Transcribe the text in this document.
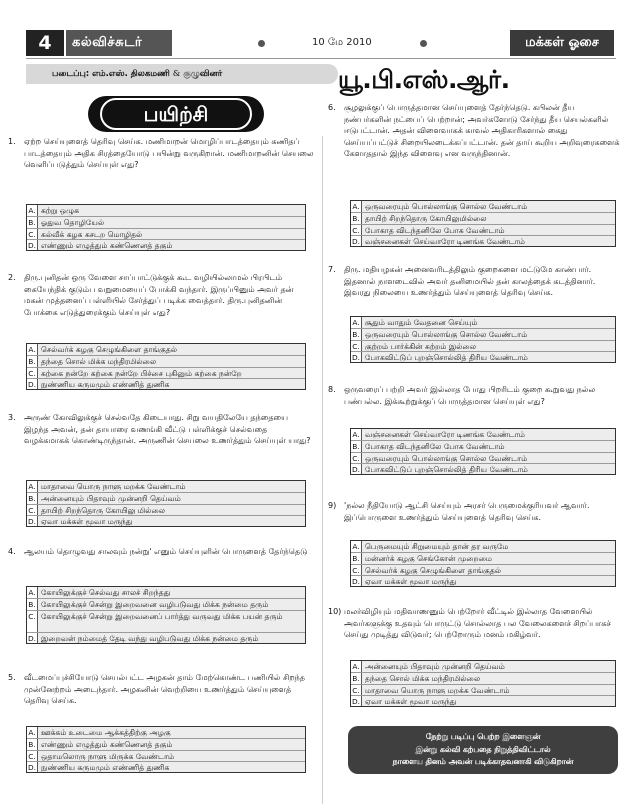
4	கல்விச்சுடர்	10 மே 2010	மக்கள் ஓசை
படைப்பு: எம்.எஸ். திலகமணி & குழுவினர்	யூ.பி.எஸ்.ஆர்.
பயிற்சி
1.	ஏற்ற செய்யுளைத் தெரிவு செய்க. மணிமாறன் மொழிப்பாடத்தையும் கணிதப் பாடத்தையும் அதிக சிரத்தையோடு பயின்று வருகிறான். மணிமாறனின் செயலை வெளிப்படுத்தும் செய்யுள் எது?
A. கற்று ஒழுக
B. ஓதுவ தொழியேல்
C. கல்வீக் கழக கசடற மொழிதல்
D. எண்ணும் எழுத்தும் கண்ணெனத் தகும்
2.	திரு.புனிதன் ஒரு வேளை சாப்பாட்டுக்குக் கூட வழியில்லாமல் பிரபிடம் கையேந்திக் குடும்ப வறுமையைப் போக்கி வந்தார். இருப்பினும் அவர் தன் மகன் முத்தனைப் பள்ளியில் சேர்த்துப் படிக்க வைத்தார். திரு.புனிதனின் போக்கை எடுத்துரைக்கும் செய்யுள் எது?
A. செல்வர்க் கழகு செழுங்கிளை தாங்குதல்
B. தந்தை சொல் மிக்க மந்திரமில்லை
C. கற்கை நன்றே கற்கை நன்றே பிச்சை புகினும் கற்கை நன்றே
D. நுண்ணிய கருமமும் எண்ணித் துணிக
3.	அருண் கோவிலுக்குச் செல்வதே கிடையாது. சிறு வயதிலேயே தந்தையை இழந்த அவன், தன் தாயாரை வணங்கி வீட்டு பள்ளிக்குச் செல்வதை வழக்கமாகக் கொண்டிருந்தான். அருணின் செயலை உணர்த்தும் செய்யுள் யாது?
A. மாதாவை யொரு நாளு மறக்க வேண்டாம்
B. அன்னையும் பிதாவும் முன்னறி தெய்வம்
C. தாயிற் சிறந்தொரு கோயிலு மில்லை
D. ஏவா மக்கள் மூவா மருந்து
4.	ஆலயம் தொழுவது சாலவும் நன்று' எனும் செய்யுளின் பொருளைத் தேர்ந்தெடு
A. கோயிலுக்குச் செல்வது சாலச் சிறந்தது
B. கோயிலுக்குச் சென்று இறைவனை வழிபடுவது மிக்க நன்மை தரும்
C. கோயிலுக்குச் சென்று இறைவனைப் பார்த்து வருவது மிக்க பயன் தரும்
D. இறைவன் நம்மைத் தேடி வந்து வழிபடுவது மிக்க நன்மை தரும்
5.	வீடமைப்புச்சியோடு செயல்பட்ட அழகன் தாம் மேற்கொண்ட பணியில் சிறந்த முன்னேற்றம் அடைந்தார். அழகனின் வெற்றியை உணர்த்தும் செய்யுளைத் தெரிவு செய்க.
A. ஊக்கம் உடைமை ஆக்கத்திற்கு அழகு
B. எண்ணும் எழுத்தும் கண்ணெனத் தகும்
C. ஒதாமலொரு நாளு மிருக்க வேண்டாம்
D. நுண்ணிய கருமமும் எண்ணித் துணிக
6.	சூழலுக்குப் பொருத்தமான செய்யுளைத் தேர்ந்தெடு. கபிலன் தீய நண்பர்களின் நட்பைப் பெற்றான்; அவர்களோடு சேர்ந்து தீய செயல்களில் ஈடுபட்டான். அதன் விளைவாகக் காவல் அதிகாரிகளால் கைது செய்யப்பட்டுச் சிறையிலடைக்கப்பட்டான். தன் தாய் கூறிய அறிவுரைகளைக் கேளாததால் இந்த விளைவு என வருந்தினான்.
A. ஒருவரையும் பொல்லாங்கு சொல்ல வேண்டாம்
B. தாயிற் சிறந்தொரு கோயிலுமில்லை
C. போகாத விடந்தனிலே போக வேண்டாம்
D. வஞ்சனைகள் செய்வாரோ டிணங்க வேண்டாம்
7.	திரு. மதியழகன் அனைவரிடத்திலும் குறைகளை மட்டுமே காண்பார். இதனால் நாளடைவில் அவர் தனிமையில் தன் காலத்தைக் கடத்தினார். இவரது நிலையை உணர்த்தும் செய்யுளைத் தெரிவு செய்க.
A. சூதும் வாதும் வேதனை செய்யும்
B. ஒருவரையும் பொல்லாங்கு சொல்ல வேண்டாம்
C. குற்றம் பார்க்கின் சுற்றம் இல்லை
D. போகவிட்டுப் புறஞ்சொல்லித் திரிய வேண்டாம்
8.	ஒருவரைப் பற்றி அவர் இல்லாத போது பிறரிடம் குறை கூறுவது நல்ல பண்பல்ல. இக்கூற்றுக்குப் பொருத்தமான செய்யுள் எது?
A. வஞ்சனைகள் செய்வாரோ டிணங்க வேண்டாம்
B. போகாத விடந்தனிலே போக வேண்டாம்
C. ஒருவரையும் பொல்லாங்கு சொல்ல வேண்டாம்
D. போகவிட்டுப் புறஞ்சொல்லித் திரிய வேண்டாம்
9) 'நல்ல நீதியோடு ஆட்சி செய்யும் அரசர் பெருமைக்குரியவர் ஆவார். இப்பொருளை உணர்த்தும் செய்யுளைத் தெரிவு செய்க.
A. பெருமையும் சிறுமையும் தான் தர வருமே
B. மன்னர்க் கழகு செங்கோன் முறைமை
C. செல்வர்க் கழகு செழுங்கிளை தாங்குதல்
D. ஏவா மக்கள் மூவா மருந்து
10) மலர்விழியும் மதிவாணனும் பெற்றோர் வீட்டில் இல்லாத வேளையில் அவர்களுக்கு உதவும் பொருட்டு சொல்லாத பல வேலைகளைச் சிறப்பாகச் செய்து முடித்து விடுவர்; பெற்றோரும் மனம் மகிழ்வர்.
A. அன்னையும் பிதாவும் முன்னறி தெய்வம்
B. தந்தை சொல் மிக்க மந்திரமில்லை
C. மாதாவை யொரு நாளு மறக்க வேண்டாம்
D. ஏவா மக்கள் மூவா மருந்து
நேற்று படிப்பு பெற்ற இளைஞன்
இன்று கல்வி கற்பதை நிறுத்திவிட்டால்
நாளைய தினம் அவன் படிக்காதவனாகி விடுகிறான்
